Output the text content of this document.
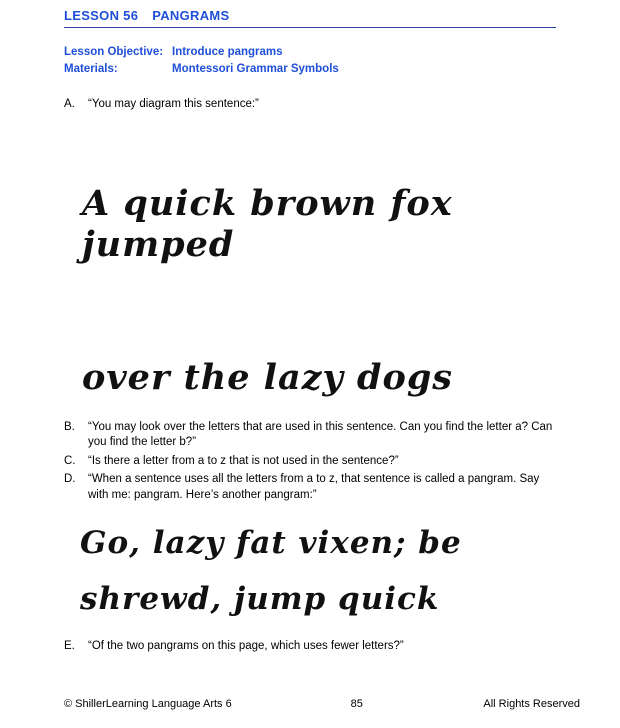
LESSON 56 PANGRAMS
Lesson Objective: Introduce pangrams
Materials:	Montessori Grammar Symbols
A.	“You may diagram this sentence:”
A quick brown fox jumped
over the lazy dogs
B.	“You may look over the letters that are used in this sentence. Can you find the letter a? Can you find the letter b?”
C.	“Is there a letter from a to z that is not used in the sentence?”
D.	“When a sentence uses all the letters from a to z, that sentence is called a pangram. Say with me: pangram. Here’s another pangram:”
Go, lazy fat vixen; be
shrewd, jump quick
E.	“Of the two pangrams on this page, which uses fewer letters?”
© ShillerLearning Language Arts 6	85	All Rights Reserved
